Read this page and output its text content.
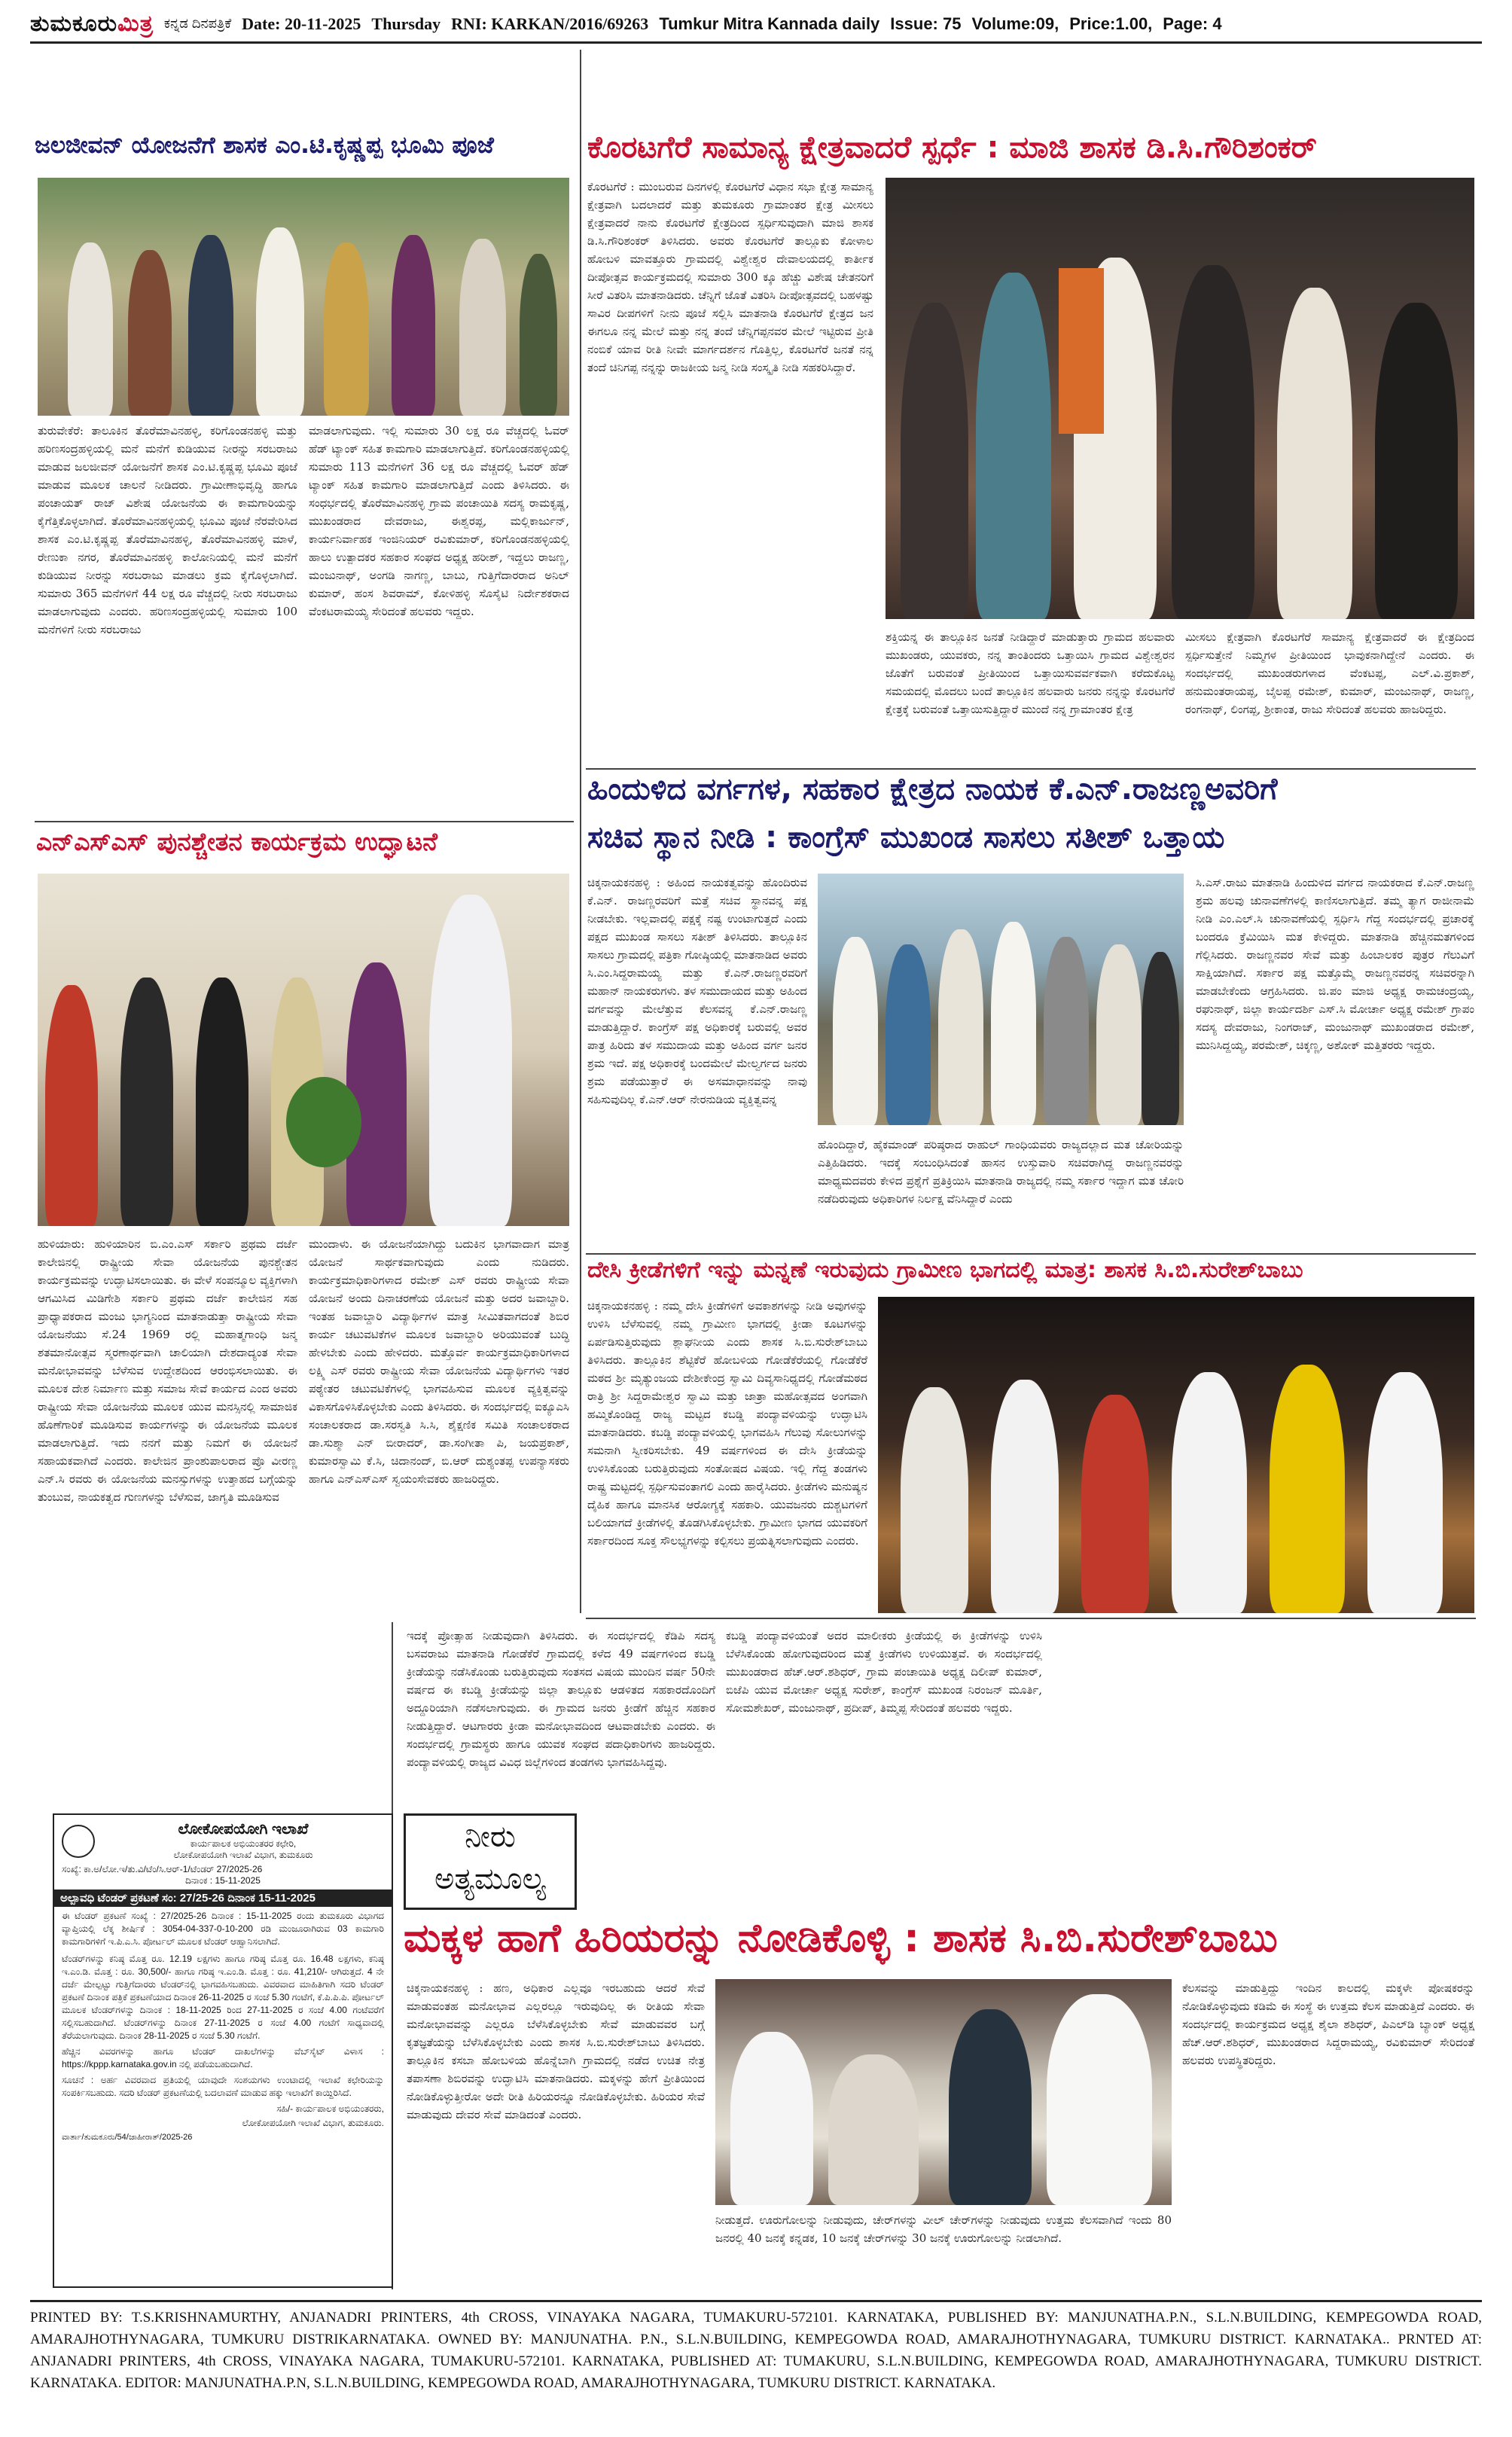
ತುಮಕೂರುಮಿತ್ರ ಕನ್ನಡ ದಿನಪತ್ರಿಕೆ Date: 20-11-2025 Thursday RNI: KARKAN/2016/69263 Tumkur Mitra Kannada daily Issue: 75 Volume:09, Price:1.00, Page: 4
ಜಲಜೀವನ್ ಯೋಜನೆಗೆ ಶಾಸಕ ಎಂ.ಟಿ.ಕೃಷ್ಣಪ್ಪ ಭೂಮಿ ಪೂಜೆ
ತುರುವೇಕೆರೆ: ತಾಲೂಕಿನ ತೊರೆಮಾವಿನಹಳ್ಳಿ, ಕರಿಗೊಂಡನಹಳ್ಳಿ ಮತ್ತು ಹರಿಣಸಂದ್ರಹಳ್ಳಿಯಲ್ಲಿ ಮನೆ ಮನೆಗೆ ಕುಡಿಯುವ ನೀರನ್ನು ಸರಬರಾಜು ಮಾಡುವ ಜಲಜೀವನ್ ಯೋಜನೆಗೆ ಶಾಸಕ ಎಂ.ಟಿ.ಕೃಷ್ಣಪ್ಪ ಭೂಮಿ ಪೂಜೆ ಮಾಡುವ ಮೂಲಕ ಚಾಲನೆ ನೀಡಿದರು. ಗ್ರಾಮೀಣಾಭಿವೃದ್ಧಿ ಹಾಗೂ ಪಂಚಾಯತ್ ರಾಜ್ ವಿಶೇಷ ಯೋಜನೆಯ ಈ ಕಾಮಗಾರಿಯನ್ನು ಕೈಗೆತ್ತಿಕೊಳ್ಳಲಾಗಿದೆ. ತೊರೆಮಾವಿನಹಳ್ಳಿಯಲ್ಲಿ ಭೂಮಿ ಪೂಜೆ ನೆರವೇರಿಸಿದ ಶಾಸಕ ಎಂ.ಟಿ.ಕೃಷ್ಣಪ್ಪ ತೊರೆಮಾವಿನಹಳ್ಳಿ, ತೊರೆಮಾವಿನಹಳ್ಳಿ ಮಾಳೆ, ರೇಣುಕಾ ನಗರ, ತೊರೆಮಾವಿನಹಳ್ಳಿ ಕಾಲೋನಿಯಲ್ಲಿ ಮನೆ ಮನೆಗೆ ಕುಡಿಯುವ ನೀರನ್ನು ಸರಬರಾಜು ಮಾಡಲು ಕ್ರಮ ಕೈಗೊಳ್ಳಲಾಗಿದೆ. ಸುಮಾರು 365 ಮನೆಗಳಿಗೆ 44 ಲಕ್ಷ ರೂ ವೆಚ್ಚದಲ್ಲಿ ನೀರು ಸರಬರಾಜು ಮಾಡಲಾಗುವುದು ಎಂದರು. ಹರಿಣಸಂದ್ರಹಳ್ಳಿಯಲ್ಲಿ ಸುಮಾರು 100 ಮನೆಗಳಿಗೆ ನೀರು ಸರಬರಾಜು
ಮಾಡಲಾಗುವುದು. ಇಲ್ಲಿ ಸುಮಾರು 30 ಲಕ್ಷ ರೂ ವೆಚ್ಚದಲ್ಲಿ ಓವರ್ ಹೆಡ್ ಟ್ಯಾಂಕ್ ಸಹಿತ ಕಾಮಗಾರಿ ಮಾಡಲಾಗುತ್ತಿದೆ. ಕರಿಗೊಂಡನಹಳ್ಳಿಯಲ್ಲಿ ಸುಮಾರು 113 ಮನೆಗಳಿಗೆ 36 ಲಕ್ಷ ರೂ ವೆಚ್ಚದಲ್ಲಿ ಓವರ್ ಹೆಡ್ ಟ್ಯಾಂಕ್ ಸಹಿತ ಕಾಮಗಾರಿ ಮಾಡಲಾಗುತ್ತಿದೆ ಎಂದು ತಿಳಿಸಿದರು. ಈ ಸಂಧರ್ಭದಲ್ಲಿ ತೊರೆಮಾವಿನಹಳ್ಳಿ ಗ್ರಾಮ ಪಂಚಾಯಿತಿ ಸದಸ್ಯ ರಾಮಕೃಷ್ಣ, ಮುಖಂಡರಾದ ದೇವರಾಜು, ಈಶ್ವರಪ್ಪ, ಮಲ್ಲಿಕಾರ್ಜುನ್, ಕಾರ್ಯನಿರ್ವಾಹಕ ಇಂಜಿನಿಯರ್ ರವಿಕುಮಾರ್, ಕರಿಗೊಂಡನಹಳ್ಳಿಯಲ್ಲಿ ಹಾಲು ಉತ್ಪಾದಕರ ಸಹಕಾರ ಸಂಘದ ಅಧ್ಯಕ್ಷ ಹರೀಶ್, ಇದ್ದಲು ರಾಜಣ್ಣ, ಮಂಜುನಾಥ್, ಅಂಗಡಿ ನಾಗಣ್ಣ, ಬಾಬು, ಗುತ್ತಿಗೆದಾರರಾದ ಅನಿಲ್ ಕುಮಾರ್, ಹಂಸ ಶಿವರಾಮ್, ಕೋಳಿಹಳ್ಳಿ ಸೊಸೈಟಿ ನಿರ್ದೇಶಕರಾದ ವೆಂಕಟರಾಮಯ್ಯ ಸೇರಿದಂತೆ ಹಲವರು ಇದ್ದರು.
ಎನ್‌ಎಸ್‌ಎಸ್ ಪುನಶ್ಚೇತನ ಕಾರ್ಯಕ್ರಮ ಉದ್ಘಾಟನೆ
ಹುಳಿಯಾರು: ಹುಳಿಯಾರಿನ ಬಿ.ಎಂ.ಎಸ್ ಸರ್ಕಾರಿ ಪ್ರಥಮ ದರ್ಜೆ ಕಾಲೇಜಿನಲ್ಲಿ ರಾಷ್ಟ್ರೀಯ ಸೇವಾ ಯೋಜನೆಯ ಪುನಶ್ಚೇತನ ಕಾರ್ಯಕ್ರಮವನ್ನು ಉದ್ಘಾಟಿಸಲಾಯಿತು. ಈ ವೇಳೆ ಸಂಪನ್ಮೂಲ ವ್ಯಕ್ತಿಗಳಾಗಿ ಆಗಮಿಸಿದ ಮಿಡಿಗೇಶಿ ಸರ್ಕಾರಿ ಪ್ರಥಮ ದರ್ಜೆ ಕಾಲೇಜಿನ ಸಹ ಪ್ರಾಧ್ಯಾಪಕರಾದ ಮಂಜು ಭಾಗ್ಯನಿಂದ ಮಾತನಾಡುತ್ತಾ ರಾಷ್ಟ್ರೀಯ ಸೇವಾ ಯೋಜನೆಯು ಸೆ.24 1969 ರಲ್ಲಿ ಮಹಾತ್ಮಗಾಂಧಿ ಜನ್ಮ ಶತಮಾನೋತ್ಸವ ಸ್ಮರಣಾರ್ಥವಾಗಿ ಚಾಲಿಯಾಗಿ ದೇಶದಾದ್ಯಂತ ಸೇವಾ ಮನೋಭಾವವನ್ನು ಬೆಳೆಸುವ ಉದ್ದೇಶದಿಂದ ಆರಂಭಿಸಲಾಯಿತು. ಈ ಮೂಲಕ ದೇಶ ನಿರ್ಮಾಣ ಮತ್ತು ಸಮಾಜ ಸೇವೆ ಕಾರ್ಯದ ಎಂದ ಅವರು ರಾಷ್ಟ್ರೀಯ ಸೇವಾ ಯೋಜನೆಯ ಮೂಲಕ ಯುವ ಮನಸ್ಸಿನಲ್ಲಿ ಸಾಮಾಜಿಕ ಹೊಣೆಗಾರಿಕೆ ಮೂಡಿಸುವ ಕಾರ್ಯಗಳನ್ನು ಈ ಯೋಜನೆಯ ಮೂಲಕ ಮಾಡಲಾಗುತ್ತಿದೆ. ಇದು ನನಗೆ ಮತ್ತು ನಿಮಗೆ ಈ ಯೋಜನೆ ಸಹಾಯಕವಾಗಿದೆ ಎಂದರು. ಕಾಲೇಜಿನ ಪ್ರಾಂಶುಪಾಲರಾದ ಪ್ರೊ ವೀರಣ್ಣ ಎನ್.ಸಿ ರವರು ಈ ಯೋಜನೆಯ ಮನಸ್ಸುಗಳನ್ನು ಉತ್ತಾಹದ ಬಗ್ಗೆಯನ್ನು ತುಂಬುವ, ನಾಯಕತ್ವದ ಗುಣಗಳನ್ನು ಬೆಳೆಸುವ, ಜಾಗೃತಿ ಮೂಡಿಸುವ
ಮುಂದಾಳು. ಈ ಯೋಜನೆಯಾಗಿದ್ದು ಬದುಕಿನ ಭಾಗವಾದಾಗ ಮಾತ್ರ ಯೋಜನೆ ಸಾರ್ಥಕವಾಗುವುದು ಎಂದು ನುಡಿದರು. ಕಾರ್ಯಕ್ರಮಾಧಿಕಾರಿಗಳಾದ ರಮೇಶ್ ಎಸ್ ರವರು ರಾಷ್ಟ್ರೀಯ ಸೇವಾ ಯೋಜನೆ ಅಂದು ದಿನಾಚರಣೆಯ ಯೋಜನೆ ಮತ್ತು ಅದರ ಜವಾಬ್ದಾರಿ. ಇಂತಹ ಜವಾಬ್ದಾರಿ ವಿದ್ಯಾರ್ಥಿಗಳ ಮಾತ್ರ ಸೀಮಿತವಾಗದಂತೆ ಶಿಬಿರ ಕಾರ್ಯ ಚಟುವಟಿಕೆಗಳ ಮೂಲಕ ಜವಾಬ್ದಾರಿ ಅರಿಯುವಂತೆ ಬುದ್ಧಿ ಹೇಳಬೇಕು ಎಂದು ಹೇಳಿದರು. ಮತ್ತೊರ್ವ ಕಾರ್ಯಕ್ರಮಾಧಿಕಾರಿಗಳಾದ ಲಕ್ಷ್ಮಿ ಎಸ್ ರವರು ರಾಷ್ಟ್ರೀಯ ಸೇವಾ ಯೋಜನೆಯ ವಿದ್ಯಾರ್ಥಿಗಳು ಇತರ ಪಠ್ಯೇತರ ಚಟುವಟಿಕೆಗಳಲ್ಲಿ ಭಾಗವಹಿಸುವ ಮೂಲಕ ವ್ಯಕ್ತಿತ್ವವನ್ನು ವಿಕಾಸಗೊಳಿಸಿಕೊಳ್ಳಬೇಕು ಎಂದು ತಿಳಿಸಿದರು. ಈ ಸಂದರ್ಭದಲ್ಲಿ ಐಕ್ಯೂಎಸಿ ಸಂಚಾಲಕರಾದ ಡಾ.ಸರಸ್ವತಿ ಸಿ.ಸಿ, ಶೈಕ್ಷಣಿಕ ಸಮಿತಿ ಸಂಚಾಲಕರಾದ ಡಾ.ಸುಶ್ಮಾ ಎನ್ ಬೀರಾದರ್, ಡಾ.ಸಂಗೀತಾ ಪಿ, ಜಯಪ್ರಕಾಶ್, ಕುಮಾರಸ್ವಾಮಿ ಕೆ.ಸಿ, ಚಿದಾನಂದ್, ಬಿ.ಆರ್ ದುಶ್ಯಂತಪ್ಪ ಉಪನ್ಯಾಸಕರು ಹಾಗೂ ಎನ್‌ಎಸ್‌ಎಸ್ ಸ್ವಯಂಸೇವಕರು ಹಾಜರಿದ್ದರು.
ಲೋಕೋಪಯೋಗಿ ಇಲಾಖೆ
ಕಾರ್ಯಪಾಲಕ ಅಭಿಯಂತರರ ಕಛೇರಿ,
ಲೋಕೋಪಯೋಗಿ ಇಲಾಖೆ ವಿಭಾಗ, ತುಮಕೂರು
ಸಂಖ್ಯೆ: ಕಾ.ಅ/ಲೋ.ಇ/ತು.ವಿ/ಟೆಂ/ಸಿ.ಆರ್-1/ಟೆಂಡರ್ 27/2025-26
ದಿನಾಂಕ : 15-11-2025
ಅಲ್ಪಾವಧಿ ಟೆಂಡರ್ ಪ್ರಕಟಣೆ ಸಂ: 27/25-26 ದಿನಾಂಕ 15-11-2025
ಈ ಟೆಂಡರ್ ಪ್ರಕಟಣೆ ಸಂಖ್ಯೆ : 27/2025-26 ದಿನಾಂಕ : 15-11-2025 ರಂದು ತುಮಕೂರು ವಿಭಾಗದ ವ್ಯಾಪ್ತಿಯಲ್ಲಿ ಲೆಕ್ಕ ಶೀರ್ಷಿಕೆ : 3054-04-337-0-10-200 ರಡಿ ಮಂಜೂರಾಗಿರುವ 03 ಕಾಮಗಾರಿ ಕಾಮಗಾರಿಗಳಿಗೆ ಇ.ಪಿ.ಎ.ಸಿ. ಪೋರ್ಟಲ್ ಮೂಲಕ ಟೆಂಡರ್ ಆಹ್ವಾನಿಸಲಾಗಿದೆ.
ಟೆಂಡರ್‌ಗಳನ್ನು ಕನಿಷ್ಠ ಮೊತ್ತ ರೂ. 12.19 ಲಕ್ಷಗಳು ಹಾಗೂ ಗರಿಷ್ಠ ಮೊತ್ತ ರೂ. 16.48 ಲಕ್ಷಗಳು, ಕನಿಷ್ಠ ಇ.ಎಂ.ಡಿ. ಮೊತ್ತ : ರೂ. 30,500/- ಹಾಗೂ ಗರಿಷ್ಠ ಇ.ಎಂ.ಡಿ. ಮೊತ್ತ : ರೂ. 41,210/- ಆಗಿರುತ್ತದೆ. 4 ನೇ ದರ್ಜೆ ಮೇಲ್ಪಟ್ಟು ಗುತ್ತಿಗೆದಾರರು ಟೆಂಡರ್‌ನಲ್ಲಿ ಭಾಗವಹಿಸಬಹುದು. ವಿವರವಾದ ಮಾಹಿತಿಗಾಗಿ ಸದರಿ ಟೆಂಡರ್ ಪ್ರಕಟಣೆ ದಿನಾಂಕ ಪತ್ರಿಕೆ ಪ್ರಕಟಣೆಯಾದ ದಿನಾಂಕ 26-11-2025 ರ ಸಂಜೆ 5.30 ಗಂಟೆಗೆ, ಕೆ.ಪಿ.ಪಿ.ಪಿ. ಪೋರ್ಟಲ್ ಮೂಲಕ ಟೆಂಡರ್‌ಗಳನ್ನು ದಿನಾಂಕ : 18-11-2025 ರಿಂದ 27-11-2025 ರ ಸಂಜೆ 4.00 ಗಂಟೆವರೆಗೆ ಸಲ್ಲಿಸಬಹುದಾಗಿದೆ. ಟೆಂಡರ್‌ಗಳನ್ನು ದಿನಾಂಕ 27-11-2025 ರ ಸಂಜೆ 4.00 ಗಂಟೆಗೆ ಸಾಧ್ಯವಾದಲ್ಲಿ ತೆರೆಯಲಾಗುವುದು. ದಿನಾಂಕ 28-11-2025 ರ ಸಂಜೆ 5.30 ಗಂಟೆಗೆ.
ಹೆಚ್ಚಿನ ವಿವರಗಳನ್ನು ಹಾಗೂ ಟೆಂಡರ್ ದಾಖಲೆಗಳನ್ನು ವೆಬ್‌ಸೈಟ್ ವಿಳಾಸ : https://kppp.karnataka.gov.in ನಲ್ಲಿ ಪಡೆಯಬಹುದಾಗಿದೆ.
ಸೂಚನೆ : ಅರ್ಹ ವಿವರವಾದ ಪ್ರತಿಯಲ್ಲಿ ಯಾವುದೇ ಸಂಶಯಗಳು ಉಂಟಾದಲ್ಲಿ ಇಲಾಖೆ ಕಛೇರಿಯನ್ನು ಸಂಪರ್ಕಿಸಬಹುದು. ಸದರಿ ಟೆಂಡರ್ ಪ್ರಕಟಣೆಯಲ್ಲಿ ಬದಲಾವಣೆ ಮಾಡುವ ಹಕ್ಕು ಇಲಾಖೆಗೆ ಕಾಯ್ದಿರಿಸಿದೆ.
ಸಹಿ/- ಕಾರ್ಯಪಾಲಕ ಅಭಿಯಂತರರು,
ಲೋಕೋಪಯೋಗಿ ಇಲಾಖೆ ವಿಭಾಗ, ತುಮಕೂರು.
ವಾರ್ತಾ/ತುಮಕೂರು/54/ಜಾಹೀರಾತ್/2025-26
ನೀರು
ಅತ್ಯಮೂಲ್ಯ
ಕೊರಟಗೆರೆ ಸಾಮಾನ್ಯ ಕ್ಷೇತ್ರವಾದರೆ ಸ್ಪರ್ಧೆ : ಮಾಜಿ ಶಾಸಕ ಡಿ.ಸಿ.ಗೌರಿಶಂಕರ್
ಕೊರಟಗೆರೆ : ಮುಂಬರುವ ದಿನಗಳಲ್ಲಿ ಕೊರಟಗೆರೆ ವಿಧಾನ ಸಭಾ ಕ್ಷೇತ್ರ ಸಾಮಾನ್ಯ ಕ್ಷೇತ್ರವಾಗಿ ಬದಲಾದರೆ ಮತ್ತು ತುಮಕೂರು ಗ್ರಾಮಾಂತರ ಕ್ಷೇತ್ರ ಮೀಸಲು ಕ್ಷೇತ್ರವಾದರೆ ನಾನು ಕೊರಟಗೆರೆ ಕ್ಷೇತ್ರದಿಂದ ಸ್ಪರ್ಧಿಸುವುದಾಗಿ ಮಾಜಿ ಶಾಸಕ ಡಿ.ಸಿ.ಗೌರಿಶಂಕರ್ ತಿಳಿಸಿದರು. ಅವರು ಕೊರಟಗೆರೆ ತಾಲ್ಲೂಕು ಕೋಳಾಲ ಹೋಬಳಿ ಮಾವತ್ತೂರು ಗ್ರಾಮದಲ್ಲಿ ವಿಶ್ವೇಶ್ವರ ದೇವಾಲಯದಲ್ಲಿ ಕಾರ್ತೀಕ ದೀಪೋತ್ಸವ ಕಾರ್ಯಕ್ರಮದಲ್ಲಿ ಸುಮಾರು 300 ಕ್ಕೂ ಹೆಚ್ಚು ವಿಶೇಷ ಚೇತನರಿಗೆ ಸೀರೆ ವಿತರಿಸಿ ಮಾತನಾಡಿದರು. ಚೆನ್ನಿಗೆ ಜೊತೆ ವಿತರಿಸಿ ದೀಪೋತ್ಸವದಲ್ಲಿ ಬಹಳಷ್ಟು ಸಾವಿರ ದೀಪಗಳಿಗೆ ನೀನು ಪೂಜೆ ಸಲ್ಲಿಸಿ ಮಾತನಾಡಿ ಕೊರಟಗೆರೆ ಕ್ಷೇತ್ರದ ಜನ ಈಗಲೂ ನನ್ನ ಮೇಲೆ ಮತ್ತು ನನ್ನ ತಂದೆ ಚೆನ್ನಿಗಪ್ಪನವರ ಮೇಲೆ ಇಟ್ಟಿರುವ ಪ್ರೀತಿ ನಂಬಿಕೆ ಯಾವ ರೀತಿ ನೀವೇ ಮಾರ್ಗದರ್ಶನ ಗೊತ್ತಿಲ್ಲ, ಕೊರಟಗೆರೆ ಜನತೆ ನನ್ನ ತಂದೆ ಚಿನಿಗಪ್ಪ ನನ್ನನ್ನು ರಾಜಕೀಯ ಜನ್ಮ ನೀಡಿ ಸಂಸ್ಕೃತಿ ನೀಡಿ ಸಹಕರಿಸಿದ್ದಾರೆ.
ಶಕ್ತಿಯನ್ನ ಈ ತಾಲ್ಲೂಕಿನ ಜನತೆ ನೀಡಿದ್ದಾರೆ ಮಾಡುತ್ತಾರು ಗ್ರಾಮದ ಹಲವಾರು ಮುಖಂಡರು, ಯುವಕರು, ನನ್ನ ತಾಂತಿಂದರು ಒತ್ತಾಯಿಸಿ ಗ್ರಾಮದ ವಿಶ್ವೇಶ್ವರನ ಜೊತೆಗೆ ಬರುವಂತೆ ಪ್ರೀತಿಯಿಂದ ಒತ್ತಾಯಿಸುವರ್ವಕವಾಗಿ ಕರೆದುಕೊಟ್ಟ ಸಮಯದಲ್ಲಿ ಮೊದಲು ಬಂದೆ ತಾಲ್ಲೂಕಿನ ಹಲವಾರು ಜನರು ನನ್ನನ್ನು ಕೊರಟಗೆರೆ ಕ್ಷೇತ್ರಕ್ಕೆ ಬರುವಂತೆ ಒತ್ತಾಯಿಸುತ್ತಿದ್ದಾರೆ ಮುಂದೆ ನನ್ನ ಗ್ರಾಮಾಂತರ ಕ್ಷೇತ್ರ
ಮೀಸಲು ಕ್ಷೇತ್ರವಾಗಿ ಕೊರಟಗೆರೆ ಸಾಮಾನ್ಯ ಕ್ಷೇತ್ರವಾದರೆ ಈ ಕ್ಷೇತ್ರದಿಂದ ಸ್ಪರ್ಧಿಸುತ್ತೇನೆ ನಿಮ್ಮಗಳ ಪ್ರೀತಿಯಿಂದ ಭಾವುಕನಾಗಿದ್ದೇನೆ ಎಂದರು. ಈ ಸಂದರ್ಭದಲ್ಲಿ ಮುಖಂಡರುಗಳಾದ ವೆಂಕಟಪ್ಪ, ಎಲ್.ವಿ.ಪ್ರಕಾಶ್, ಹನುಮಂತರಾಯಪ್ಪ, ಬೈಲಪ್ಪ ರಮೇಶ್, ಕುಮಾರ್, ಮಂಜುನಾಥ್, ರಾಜಣ್ಣ, ರಂಗನಾಥ್, ಲಿಂಗಪ್ಪ, ಶ್ರೀಕಾಂತ, ರಾಜು ಸೇರಿದಂತೆ ಹಲವರು ಹಾಜರಿದ್ದರು.
ಹಿಂದುಳಿದ ವರ್ಗಗಳ, ಸಹಕಾರ ಕ್ಷೇತ್ರದ ನಾಯಕ ಕೆ.ಎನ್.ರಾಜಣ್ಣಅವರಿಗೆ
ಸಚಿವ ಸ್ಥಾನ ನೀಡಿ : ಕಾಂಗ್ರೆಸ್ ಮುಖಂಡ ಸಾಸಲು ಸತೀಶ್ ಒತ್ತಾಯ
ಚಿಕ್ಕನಾಯಕನಹಳ್ಳಿ : ಅಹಿಂದ ನಾಯಕತ್ವವನ್ನು ಹೊಂದಿರುವ ಕೆ.ಎನ್. ರಾಜಣ್ಣರವರಿಗೆ ಮತ್ತೆ ಸಚಿವ ಸ್ಥಾನವನ್ನ ಪಕ್ಷ ನೀಡಬೇಕು. ಇಲ್ಲವಾದಲ್ಲಿ ಪಕ್ಷಕ್ಕೆ ನಷ್ಟ ಉಂಟಾಗುತ್ತದೆ ಎಂದು ಪಕ್ಷದ ಮುಖಂಡ ಸಾಸಲು ಸತೀಶ್ ತಿಳಿಸಿದರು. ತಾಲ್ಲೂಕಿನ ಸಾಸಲು ಗ್ರಾಮದಲ್ಲಿ ಪತ್ರಿಕಾ ಗೋಷ್ಠಿಯಲ್ಲಿ ಮಾತನಾಡಿದ ಅವರು ಸಿ.ಎಂ.ಸಿದ್ದರಾಮಯ್ಯ ಮತ್ತು ಕೆ.ಎನ್.ರಾಜಣ್ಣರವರಿಗೆ ಮಹಾನ್ ನಾಯಕರುಗಳು. ತಳ ಸಮುದಾಯದ ಮತ್ತು ಅಹಿಂದ ವರ್ಗವನ್ನು ಮೇಲೆತ್ತುವ ಕೆಲಸವನ್ನ ಕೆ.ಎನ್.ರಾಜಣ್ಣ ಮಾಡುತ್ತಿದ್ದಾರೆ. ಕಾಂಗ್ರೆಸ್ ಪಕ್ಷ ಅಧಿಕಾರಕ್ಕೆ ಬರುವಲ್ಲಿ ಅವರ ಪಾತ್ರ ಹಿರಿದು ತಳ ಸಮುದಾಯ ಮತ್ತು ಅಹಿಂದ ವರ್ಗ ಜನರ ಶ್ರಮ ಇದೆ. ಪಕ್ಷ ಅಧಿಕಾರಕ್ಕೆ ಬಂದಮೇಲೆ ಮೇಲ್ವರ್ಗದ ಜನರು ಶ್ರಮ ಪಡೆಯುತ್ತಾರೆ ಈ ಅಸಮಾಧಾನವನ್ನು ನಾವು ಸಹಿಸುವುದಿಲ್ಲ ಕೆ.ಎನ್.ಆರ್ ನೇರನುಡಿಯ ವ್ಯಕ್ತಿತ್ವವನ್ನ
ಹೊಂದಿದ್ದಾರೆ, ಹೈಕಮಾಂಡ್ ಪರಿಷ್ಠರಾದ ರಾಹುಲ್ ಗಾಂಧಿಯವರು ರಾಜ್ಯದಲ್ಲಾದ ಮತ ಚೋರಿಯನ್ನು ಎತ್ತಿಹಿಡಿದರು. ಇದಕ್ಕೆ ಸಂಬಂಧಿಸಿದಂತೆ ಹಾಸನ ಉಸ್ತುವಾರಿ ಸಚಿವರಾಗಿದ್ದ ರಾಜಣ್ಣನವರನ್ನು ಮಾಧ್ಯಮದವರು ಕೇಳಿದ ಪ್ರಶ್ನೆಗೆ ಪ್ರತಿಕ್ರಿಯಿಸಿ ಮಾತನಾಡಿ ರಾಜ್ಯದಲ್ಲಿ ನಮ್ಮ ಸರ್ಕಾರ ಇದ್ದಾಗ ಮತ ಚೋರಿ ನಡೆದಿರುವುದು ಅಧಿಕಾರಿಗಳ ನಿರ್ಲಕ್ಷ ವೆನಿಸಿದ್ದಾರೆ ಎಂದು
ಸಿ.ಎಸ್.ರಾಜು ಮಾತನಾಡಿ ಹಿಂದುಳಿದ ವರ್ಗದ ನಾಯಕರಾದ ಕೆ.ಎನ್.ರಾಜಣ್ಣ ಶ್ರಮ ಹಲವು ಚುನಾವಣೆಗಳಲ್ಲಿ ಕಾಣಿಸಲಾಗುತ್ತಿದೆ. ತಮ್ಮ ತ್ಯಾಗ ರಾಜೀನಾಮೆ ನೀಡಿ ಎಂ.ಎಲ್.ಸಿ ಚುನಾವಣೆಯಲ್ಲಿ ಸ್ಪರ್ಧಿಸಿ ಗೆದ್ದ ಸಂದರ್ಭದಲ್ಲಿ ಪ್ರಚಾರಕ್ಕೆ ಬಂದರೂ ಕ್ರೆಮಿಯಿಸಿ ಮತ ಕೇಳಿದ್ದರು. ಮಾತನಾಡಿ ಹೆಚ್ಚಿನಮತಗಳಿಂದ ಗೆಲ್ಲಿಸಿದರು. ರಾಜಣ್ಣನವರ ಸೇವೆ ಮತ್ತು ಹಿಂಬಾಲಕರ ಪುತ್ರರ ಗೆಲುವಿಗೆ ಸಾಕ್ಷಿಯಾಗಿದೆ. ಸರ್ಕಾರ ಪಕ್ಷ ಮತ್ತೊಮ್ಮೆ ರಾಜಣ್ಣನವರನ್ನ ಸಚಿವರನ್ನಾಗಿ ಮಾಡಬೇಕೆಂದು ಆಗ್ರಹಿಸಿದರು. ಜಿ.ಪಂ ಮಾಜಿ ಅಧ್ಯಕ್ಷ ರಾಮಚಂದ್ರಯ್ಯ, ರಘುನಾಥ್, ಜಿಲ್ಲಾ ಕಾರ್ಯದರ್ಶಿ ಎಸ್.ಸಿ ಮೋರ್ಚಾ ಅಧ್ಯಕ್ಷ ರಮೇಶ್ ಗ್ರಾಪಂ ಸದಸ್ಯ ದೇವರಾಜು, ನಿಂಗರಾಜ್, ಮಂಜುನಾಥ್ ಮುಖಂಡರಾದ ರಮೇಶ್, ಮುನಿಸಿದ್ದಯ್ಯ, ಪರಮೇಶ್, ಚಿಕ್ಕಣ್ಣ, ಅಶೋಕ್ ಮತ್ತಿತರರು ಇದ್ದರು.
ದೇಸಿ ಕ್ರೀಡೆಗಳಿಗೆ ಇನ್ನು ಮನ್ನಣೆ ಇರುವುದು ಗ್ರಾಮೀಣ ಭಾಗದಲ್ಲಿ ಮಾತ್ರ: ಶಾಸಕ ಸಿ.ಬಿ.ಸುರೇಶ್‌ಬಾಬು
ಚಿಕ್ಕನಾಯಕನಹಳ್ಳಿ : ನಮ್ಮ ದೇಸಿ ಕ್ರೀಡೆಗಳಿಗೆ ಅವಕಾಶಗಳನ್ನು ನೀಡಿ ಅವುಗಳನ್ನು ಉಳಿಸಿ ಬೆಳೆಸುವಲ್ಲಿ ನಮ್ಮ ಗ್ರಾಮೀಣ ಭಾಗದಲ್ಲಿ ಕ್ರೀಡಾ ಕೂಟಗಳನ್ನು ಏರ್ಪಡಿಸುತ್ತಿರುವುದು ಶ್ಲಾಘನೀಯ ಎಂದು ಶಾಸಕ ಸಿ.ಬಿ.ಸುರೇಶ್‌ಬಾಬು ತಿಳಿಸಿದರು. ತಾಲ್ಲೂಕಿನ ಶೆಟ್ಟಿಕೆರೆ ಹೋಬಳಿಯ ಗೋಡೆಕೆರೆಯಲ್ಲಿ ಗೋಡೆಕೆರೆ ಮಠದ ಶ್ರೀ ಮೃತ್ಯುಂಜಯ ದೇಶೀಕೇಂದ್ರ ಸ್ವಾಮಿ ದಿವ್ಯಸಾನಿಧ್ಯದಲ್ಲಿ ಗೋಡೆಮಠದ ರಾತ್ರಿ ಶ್ರೀ ಸಿದ್ದರಾಮೇಶ್ವರ ಸ್ವಾಮಿ ಮತ್ತು ಜಾತ್ರಾ ಮಹೋತ್ಸವದ ಅಂಗವಾಗಿ ಹಮ್ಮಿಕೊಂಡಿದ್ದ ರಾಜ್ಯ ಮಟ್ಟದ ಕಬಡ್ಡಿ ಪಂದ್ಯಾವಳಿಯನ್ನು ಉದ್ಘಾಟಿಸಿ ಮಾತನಾಡಿದರು. ಕಬಡ್ಡಿ ಪಂದ್ಯಾವಳಿಯಲ್ಲಿ ಭಾಗವಹಿಸಿ ಗೆಲುವು ಸೋಲುಗಳನ್ನು ಸಮನಾಗಿ ಸ್ವೀಕರಿಸಬೇಕು. 49 ವರ್ಷಗಳಿಂದ ಈ ದೇಸಿ ಕ್ರೀಡೆಯನ್ನು ಉಳಿಸಿಕೊಂಡು ಬರುತ್ತಿರುವುದು ಸಂತೋಷದ ವಿಷಯ. ಇಲ್ಲಿ ಗೆದ್ದ ತಂಡಗಳು ರಾಷ್ಟ್ರ ಮಟ್ಟದಲ್ಲಿ ಸ್ಪರ್ಧಿಸುವಂತಾಗಲಿ ಎಂದು ಹಾರೈಸಿದರು. ಕ್ರೀಡೆಗಳು ಮನುಷ್ಯನ ದೈಹಿಕ ಹಾಗೂ ಮಾನಸಿಕ ಆರೋಗ್ಯಕ್ಕೆ ಸಹಕಾರಿ. ಯುವಜನರು ದುಶ್ಚಟಗಳಿಗೆ ಬಲಿಯಾಗದೆ ಕ್ರೀಡೆಗಳಲ್ಲಿ ತೊಡಗಿಸಿಕೊಳ್ಳಬೇಕು. ಗ್ರಾಮೀಣ ಭಾಗದ ಯುವಕರಿಗೆ ಸರ್ಕಾರದಿಂದ ಸೂಕ್ತ ಸೌಲಭ್ಯಗಳನ್ನು ಕಲ್ಪಿಸಲು ಪ್ರಯತ್ನಿಸಲಾಗುವುದು ಎಂದರು.
ಮಕ್ಕಳ ಹಾಗೆ ಹಿರಿಯರನ್ನು ನೋಡಿಕೊಳ್ಳಿ : ಶಾಸಕ ಸಿ.ಬಿ.ಸುರೇಶ್‌ಬಾಬು
ಚಿಕ್ಕನಾಯಕನಹಳ್ಳಿ : ಹಣ, ಅಧಿಕಾರ ಎಲ್ಲವೂ ಇರಬಹುದು ಆದರೆ ಸೇವೆ ಮಾಡುವಂತಹ ಮನೋಭಾವ ಎಲ್ಲರಲ್ಲೂ ಇರುವುದಿಲ್ಲ ಈ ರೀತಿಯ ಸೇವಾ ಮನೋಭಾವವನ್ನು ಎಲ್ಲರೂ ಬೆಳೆಸಿಕೊಳ್ಳಬೇಕು ಸೇವೆ ಮಾಡುವವರ ಬಗ್ಗೆ ಕೃತಜ್ಞತೆಯನ್ನು ಬೆಳೆಸಿಕೊಳ್ಳಬೇಕು ಎಂದು ಶಾಸಕ ಸಿ.ಬಿ.ಸುರೇಶ್‌ಬಾಬು ತಿಳಿಸಿದರು. ತಾಲ್ಲೂಕಿನ ಕಸಬಾ ಹೋಬಳಿಯ ಹೊನ್ನೆಬಾಗಿ ಗ್ರಾಮದಲ್ಲಿ ನಡೆದ ಉಚಿತ ನೇತ್ರ ತಪಾಸಣಾ ಶಿಬಿರವನ್ನು ಉದ್ಘಾಟಿಸಿ ಮಾತನಾಡಿದರು. ಮಕ್ಕಳನ್ನು ಹೇಗೆ ಪ್ರೀತಿಯಿಂದ ನೋಡಿಕೊಳ್ಳುತ್ತೀರೋ ಅದೇ ರೀತಿ ಹಿರಿಯರನ್ನೂ ನೋಡಿಕೊಳ್ಳಬೇಕು. ಹಿರಿಯರ ಸೇವೆ ಮಾಡುವುದು ದೇವರ ಸೇವೆ ಮಾಡಿದಂತೆ ಎಂದರು.
ನೀಡುತ್ತದೆ. ಊರುಗೋಲನ್ನು ನೀಡುವುದು, ಚೇರ್‌ಗಳನ್ನು ವೀಲ್ ಚೇರ್‌ಗಳನ್ನು ನೀಡುವುದು ಉತ್ತಮ ಕೆಲಸವಾಗಿದೆ ಇಂದು 80 ಜನರಲ್ಲಿ 40 ಜನಕ್ಕೆ ಕನ್ನಡಕ, 10 ಜನಕ್ಕೆ ಚೇರ್‌ಗಳನ್ನು 30 ಜನಕ್ಕೆ ಊರುಗೋಲನ್ನು ನೀಡಲಾಗಿದೆ.
ಕೆಲಸವನ್ನು ಮಾಡುತ್ತಿದ್ದು ಇಂದಿನ ಕಾಲದಲ್ಲಿ ಮಕ್ಕಳೇ ಪೋಷಕರನ್ನು ನೋಡಿಕೊಳ್ಳುವುದು ಕಡಿಮೆ ಈ ಸಂಸ್ಥೆ ಈ ಉತ್ತಮ ಕೆಲಸ ಮಾಡುತ್ತಿದೆ ಎಂದರು. ಈ ಸಂದರ್ಭದಲ್ಲಿ ಕಾರ್ಯಕ್ರಮದ ಅಧ್ಯಕ್ಷ ಶೈಲಾ ಶಶಿಧರ್, ಪಿಎಲ್‌ಡಿ ಬ್ಯಾಂಕ್ ಅಧ್ಯಕ್ಷ ಹೆಚ್.ಆರ್.ಶಶಿಧರ್, ಮುಖಂಡರಾದ ಸಿದ್ದರಾಮಯ್ಯ, ರವಿಕುಮಾರ್ ಸೇರಿದಂತೆ ಹಲವರು ಉಪಸ್ಥಿತರಿದ್ದರು.
ಇದಕ್ಕೆ ಪ್ರೋತ್ಸಾಹ ನೀಡುವುದಾಗಿ ತಿಳಿಸಿದರು. ಈ ಸಂದರ್ಭದಲ್ಲಿ ಕೆಡಿಪಿ ಸದಸ್ಯ ಬಸವರಾಜು ಮಾತನಾಡಿ ಗೋಡೆಕೆರೆ ಗ್ರಾಮದಲ್ಲಿ ಕಳೆದ 49 ವರ್ಷಗಳಿಂದ ಕಬಡ್ಡಿ ಕ್ರೀಡೆಯನ್ನು ನಡೆಸಿಕೊಂಡು ಬರುತ್ತಿರುವುದು ಸಂತಸದ ವಿಷಯ ಮುಂದಿನ ವರ್ಷ 50ನೇ ವರ್ಷದ ಈ ಕಬಡ್ಡಿ ಕ್ರೀಡೆಯನ್ನು ಜಿಲ್ಲಾ ತಾಲ್ಲೂಕು ಆಡಳಿತದ ಸಹಕಾರದೊಂದಿಗೆ ಅದ್ದೂರಿಯಾಗಿ ನಡೆಸಲಾಗುವುದು. ಈ ಗ್ರಾಮದ ಜನರು ಕ್ರೀಡೆಗೆ ಹೆಚ್ಚಿನ ಸಹಕಾರ ನೀಡುತ್ತಿದ್ದಾರೆ. ಆಟಗಾರರು ಕ್ರೀಡಾ ಮನೋಭಾವದಿಂದ ಆಟವಾಡಬೇಕು ಎಂದರು. ಈ ಸಂದರ್ಭದಲ್ಲಿ ಗ್ರಾಮಸ್ಥರು ಹಾಗೂ ಯುವಕ ಸಂಘದ ಪದಾಧಿಕಾರಿಗಳು ಹಾಜರಿದ್ದರು. ಪಂದ್ಯಾವಳಿಯಲ್ಲಿ ರಾಜ್ಯದ ವಿವಿಧ ಜಿಲ್ಲೆಗಳಿಂದ ತಂಡಗಳು ಭಾಗವಹಿಸಿದ್ದವು.
ಕಬಡ್ಡಿ ಪಂದ್ಯಾವಳಿಯಂತೆ ಅದರ ಮಾಲೀಕರು ಕ್ರೀಡೆಯಲ್ಲಿ ಈ ಕ್ರೀಡೆಗಳನ್ನು ಉಳಿಸಿ ಬೆಳೆಸಿಕೊಂಡು ಹೋಗುವುದರಿಂದ ಮತ್ತೆ ಕ್ರೀಡೆಗಳು ಉಳಿಯುತ್ತವೆ. ಈ ಸಂದರ್ಭದಲ್ಲಿ ಮುಖಂಡರಾದ ಹೆಚ್.ಆರ್.ಶಶಿಧರ್, ಗ್ರಾಮ ಪಂಚಾಯಿತಿ ಅಧ್ಯಕ್ಷ ದಿಲೀಪ್ ಕುಮಾರ್, ಬಿಜೆಪಿ ಯುವ ಮೋರ್ಚಾ ಅಧ್ಯಕ್ಷ ಸುರೇಶ್, ಕಾಂಗ್ರೆಸ್ ಮುಖಂಡ ನಿರಂಜನ್ ಮೂರ್ತಿ, ಸೋಮಶೇಖರ್, ಮಂಜುನಾಥ್, ಪ್ರದೀಪ್, ತಿಮ್ಮಪ್ಪ ಸೇರಿದಂತೆ ಹಲವರು ಇದ್ದರು.
PRINTED BY: T.S.KRISHNAMURTHY, ANJANADRI PRINTERS, 4th CROSS, VINAYAKA NAGARA, TUMAKURU-572101. KARNATAKA, PUBLISHED BY: MANJUNATHA.P.N., S.L.N.BUILDING, KEMPEGOWDA ROAD, AMARAJHOTHYNAGARA, TUMKURU DISTRIKARNATAKA. OWNED BY: MANJUNATHA. P.N., S.L.N.BUILDING, KEMPEGOWDA ROAD, AMARAJHOTHYNAGARA, TUMKURU DISTRICT. KARNATAKA.. PRNTED AT: ANJANADRI PRINTERS, 4th CROSS, VINAYAKA NAGARA, TUMAKURU-572101. KARNATAKA, PUBLISHED AT: TUMAKURU, S.L.N.BUILDING, KEMPEGOWDA ROAD, AMARAJHOTHYNAGARA, TUMKURU DISTRICT. KARNATAKA. EDITOR: MANJUNATHA.P.N, S.L.N.BUILDING, KEMPEGOWDA ROAD, AMARAJHOTHYNAGARA, TUMKURU DISTRICT. KARNATAKA.
